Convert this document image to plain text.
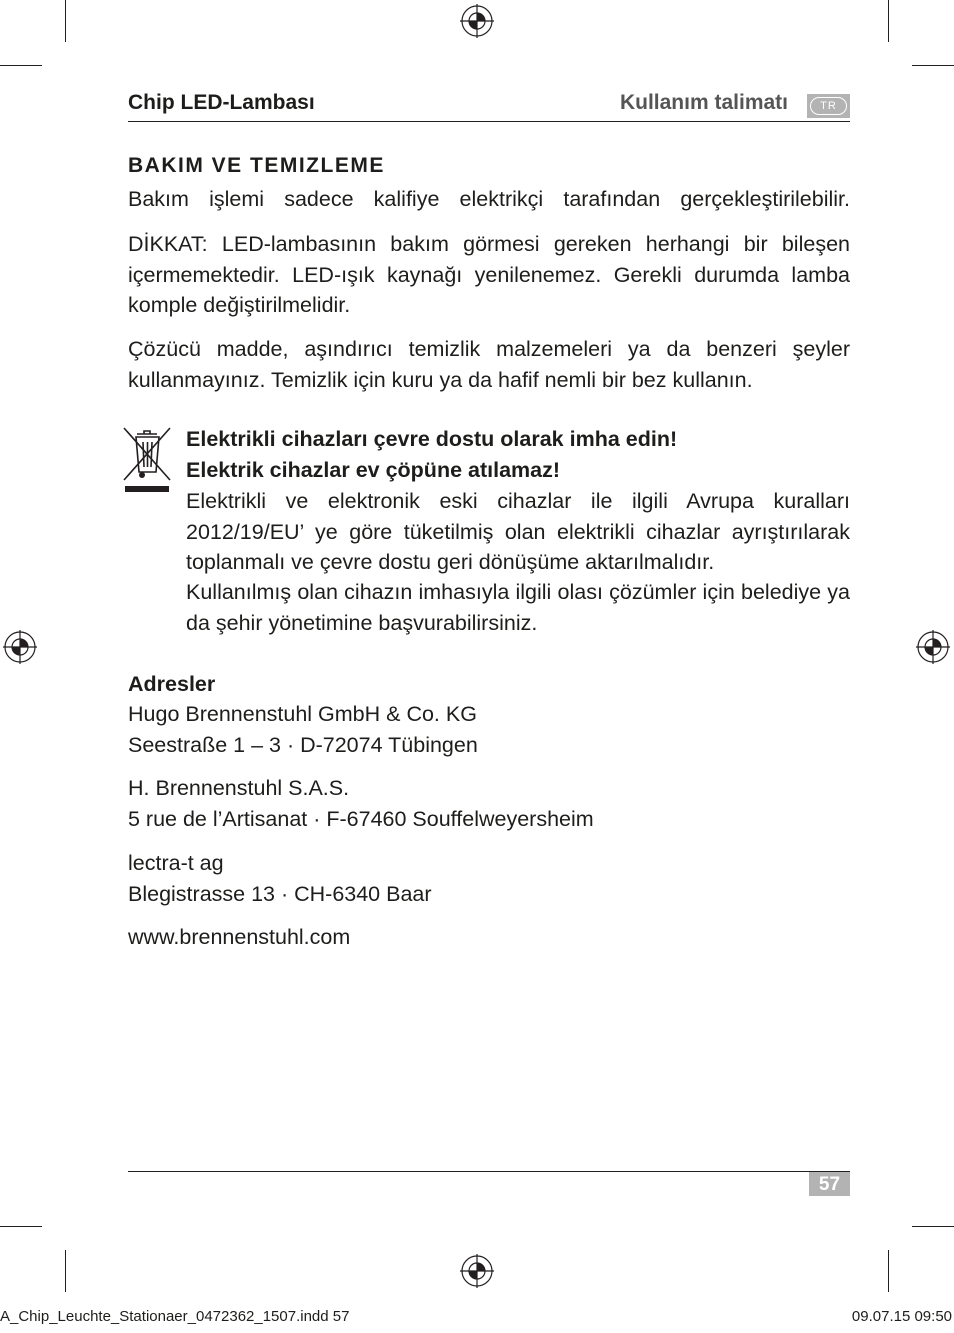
Chip LED-Lambası	Kullanım talimatı	TR
BAKIM VE TEMIZLEME
Bakım işlemi sadece kalifiye elektrikçi tarafından gerçekleştirilebilir.
DİKKAT: LED-lambasının bakım görmesi gereken herhangi bir bileşen içermemektedir. LED-ışık kaynağı yenilenemez. Gerekli durumda lamba komple değiştirilmelidir.
Çözücü madde, aşındırıcı temizlik malzemeleri ya da benzeri şeyler kullanmayınız. Temizlik için kuru ya da hafif nemli bir bez kullanın.
Elektrikli cihazları çevre dostu olarak imha edin!
Elektrik cihazlar ev çöpüne atılamaz!
Elektrikli ve elektronik eski cihazlar ile ilgili Avrupa kuralları 2012/19/EU’ ye göre tüketilmiş olan elektrikli cihazlar ayrıştırılarak toplanmalı ve çevre dostu geri dönüşüme aktarılmalıdır.
Kullanılmış olan cihazın imhasıyla ilgili olası çözümler için belediye ya da şehir yönetimine başvurabilirsiniz.
Adresler
Hugo Brennenstuhl GmbH & Co. KG
Seestraße 1 – 3 · D-72074 Tübingen
H. Brennenstuhl S.A.S.
5 rue de l’Artisanat · F-67460 Souffelweyersheim
lectra-t ag
Blegistrasse 13 · CH-6340 Baar
www.brennenstuhl.com
57
A_Chip_Leuchte_Stationaer_0472362_1507.indd 57	09.07.15 09:50
